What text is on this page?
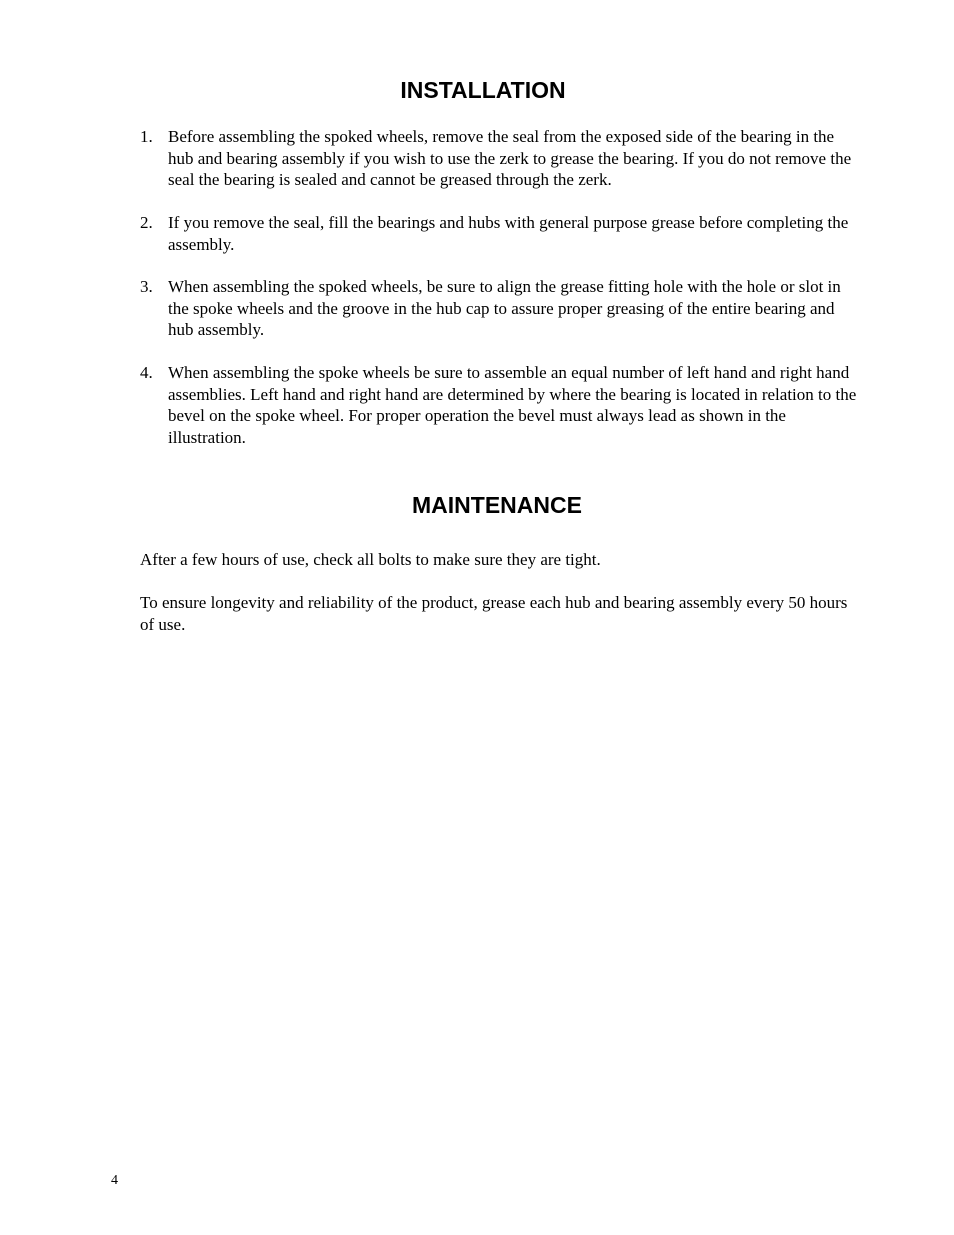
INSTALLATION
1. Before assembling the spoked wheels, remove the seal from the exposed side of the bearing in the hub and bearing assembly if you wish to use the zerk to grease the bearing. If you do not remove the seal the bearing is sealed and cannot be greased through the zerk.
2. If you remove the seal, fill the bearings and hubs with general purpose grease before completing the assembly.
3. When assembling the spoked wheels, be sure to align the grease fitting hole with the hole or slot in the spoke wheels and the groove in the hub cap to assure proper greasing of the entire bearing and hub assembly.
4. When assembling the spoke wheels be sure to assemble an equal number of left hand and right hand assemblies. Left hand and right hand are determined by where the bearing is located in relation to the bevel on the spoke wheel. For proper operation the bevel must always lead as shown in the illustration.
MAINTENANCE

After a few hours of use, check all bolts to make sure they are tight.

To ensure longevity and reliability of the product, grease each hub and bearing assembly every 50 hours of use.

4
